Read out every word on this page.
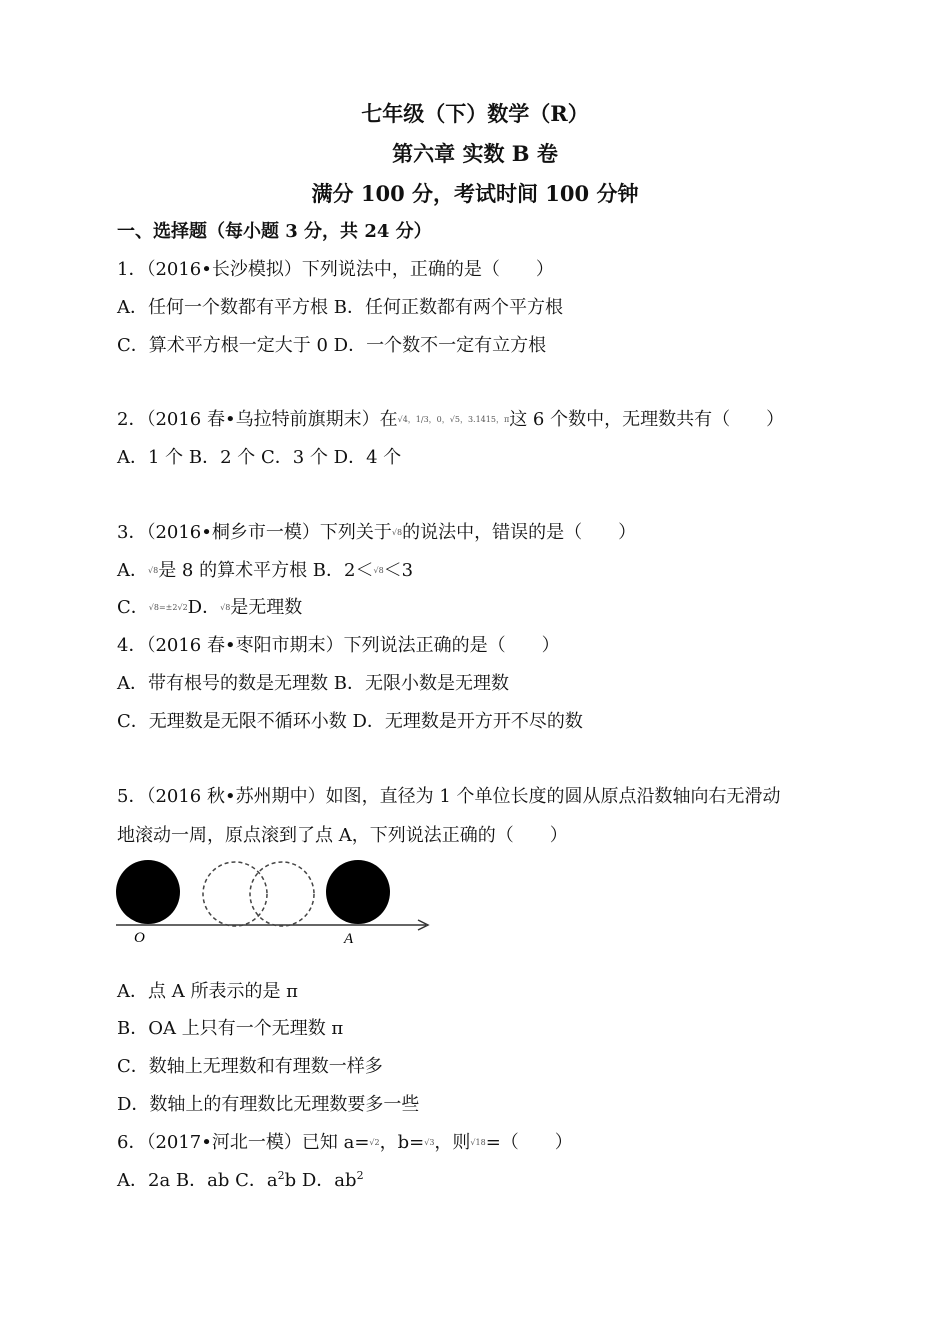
七年级（下）数学（R）
第六章 实数 B 卷
满分 100 分，考试时间 100 分钟
一、选择题（每小题 3 分，共 24 分）
1．（2016•长沙模拟）下列说法中，正确的是（　　）
A．任何一个数都有平方根 B．任何正数都有两个平方根
C．算术平方根一定大于 0 D．一个数不一定有立方根
2．（2016 春•乌拉特前旗期末）在√4，1/3，0，√5，3.1415，π这 6 个数中，无理数共有（　　）
A．1 个 B．2 个 C．3 个 D．4 个
3．（2016•桐乡市一模）下列关于√8的说法中，错误的是（　　）
A．√8是 8 的算术平方根 B．2＜√8＜3
C．√8=±2√2D．√8是无理数
4．（2016 春•枣阳市期末）下列说法正确的是（　　）
A．带有根号的数是无理数 B．无限小数是无理数
C．无理数是无限不循环小数 D．无理数是开方开不尽的数
5．（2016 秋•苏州期中）如图，直径为 1 个单位长度的圆从原点沿数轴向右无滑动
地滚动一周，原点滚到了点 A，下列说法正确的（　　）
O	A
A．点 A 所表示的是 π
B．OA 上只有一个无理数 π
C．数轴上无理数和有理数一样多
D．数轴上的有理数比无理数要多一些
6．（2017•河北一模）已知 a=√2，b=√3，则√18=（　　）
A．2a B．ab C．$a^2b$ D．$ab^2$
